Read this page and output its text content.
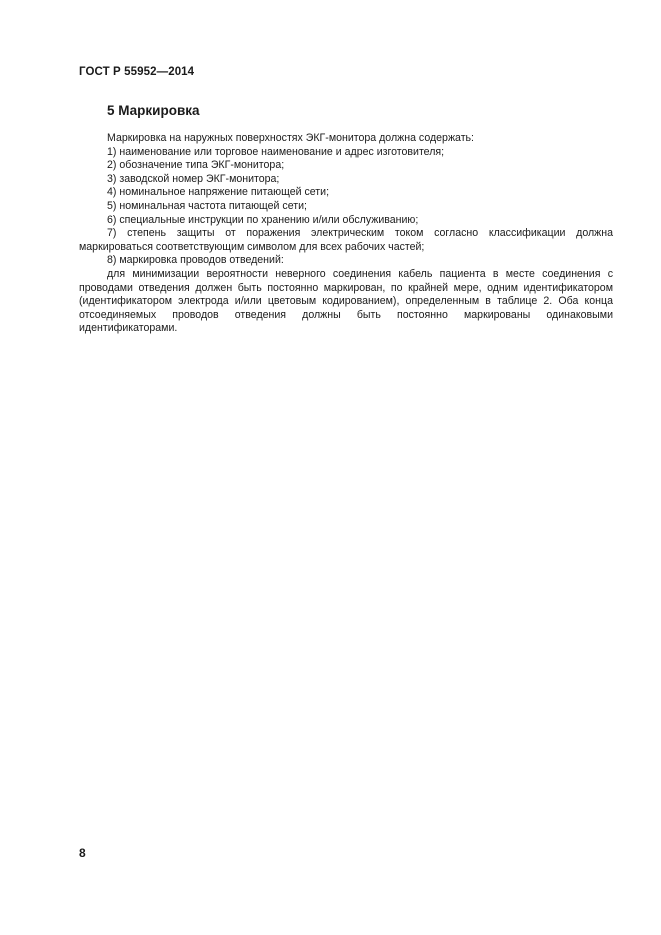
ГОСТ Р 55952—2014
5 Маркировка

Маркировка на наружных поверхностях ЭКГ-монитора должна содержать:

1) наименование или торговое наименование и адрес изготовителя;

2) обозначение типа ЭКГ-монитора;

3) заводской номер ЭКГ-монитора;

4) номинальное напряжение питающей сети;

5) номинальная частота питающей сети;

6) специальные инструкции по хранению и/или обслуживанию;

7) степень защиты от поражения электрическим током согласно классификации должна маркироваться соответствующим символом для всех рабочих частей;

8) маркировка проводов отведений:

для минимизации вероятности неверного соединения кабель пациента в месте соединения с проводами отведения должен быть постоянно маркирован, по крайней мере, одним идентификатором (идентификатором электрода и/или цветовым кодированием), определенным в таблице 2. Оба конца отсоединяемых проводов отведения должны быть постоянно маркированы одинаковыми идентификаторами.

8
